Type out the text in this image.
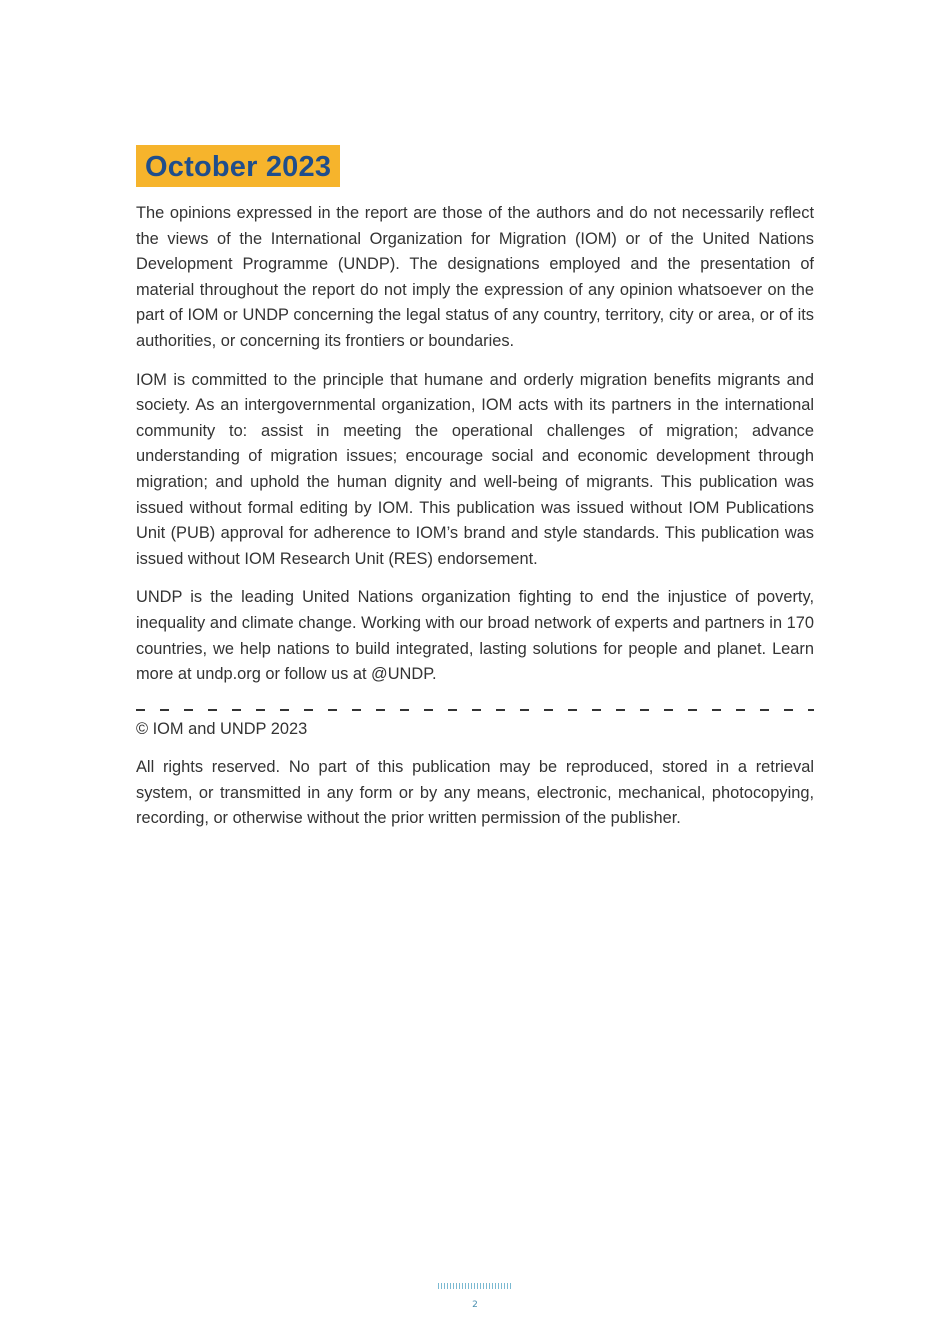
October 2023

The opinions expressed in the report are those of the authors and do not necessarily reflect the views of the International Organization for Migration (IOM) or of the United Nations Development Programme (UNDP). The designations employed and the presentation of material throughout the report do not imply the expression of any opinion whatsoever on the part of IOM or UNDP concerning the legal status of any country, territory, city or area, or of its authorities, or concerning its frontiers or boundaries.

IOM is committed to the principle that humane and orderly migration benefits migrants and society. As an intergovernmental organization, IOM acts with its partners in the international community to: assist in meeting the operational challenges of migration; advance understanding of migration issues; encourage social and economic development through migration; and uphold the human dignity and well-being of migrants. This publication was issued without formal editing by IOM. This publication was issued without IOM Publications Unit (PUB) approval for adherence to IOM’s brand and style standards. This publication was issued without IOM Research Unit (RES) endorsement.

UNDP is the leading United Nations organization fighting to end the injustice of poverty, inequality and climate change. Working with our broad network of experts and partners in 170 countries, we help nations to build integrated, lasting solutions for people and planet. Learn more at undp.org or follow us at @UNDP.

© IOM and UNDP 2023

All rights reserved. No part of this publication may be reproduced, stored in a retrieval system, or transmitted in any form or by any means, electronic, mechanical, photocopying, recording, or otherwise without the prior written permission of the publisher.

2
